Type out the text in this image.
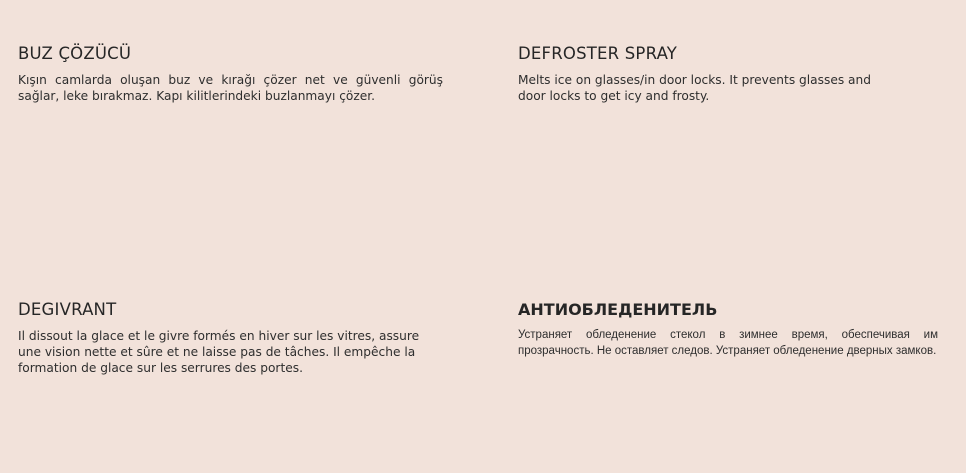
BUZ ÇÖZÜCÜ

Kışın camlarda oluşan buz ve kırağı çözer net ve güvenli görüş sağlar, leke bırakmaz. Kapı kilitlerindeki buzlanmayı çözer.

DEFROSTER SPRAY

Melts ice on glasses/in door locks. It prevents glasses and door locks to get icy and frosty.

DEGIVRANT

Il dissout la glace et le givre formés en hiver sur les vitres, assure une vision nette et sûre et ne laisse pas de tâches. Il empêche la formation de glace sur les serrures des portes.

АНТИОБЛЕДЕНИТЕЛЬ

Устраняет обледенение стекол в зимнее время, обеспечивая им прозрачность. Не оставляет следов. Устраняет обледенение дверных замков.
